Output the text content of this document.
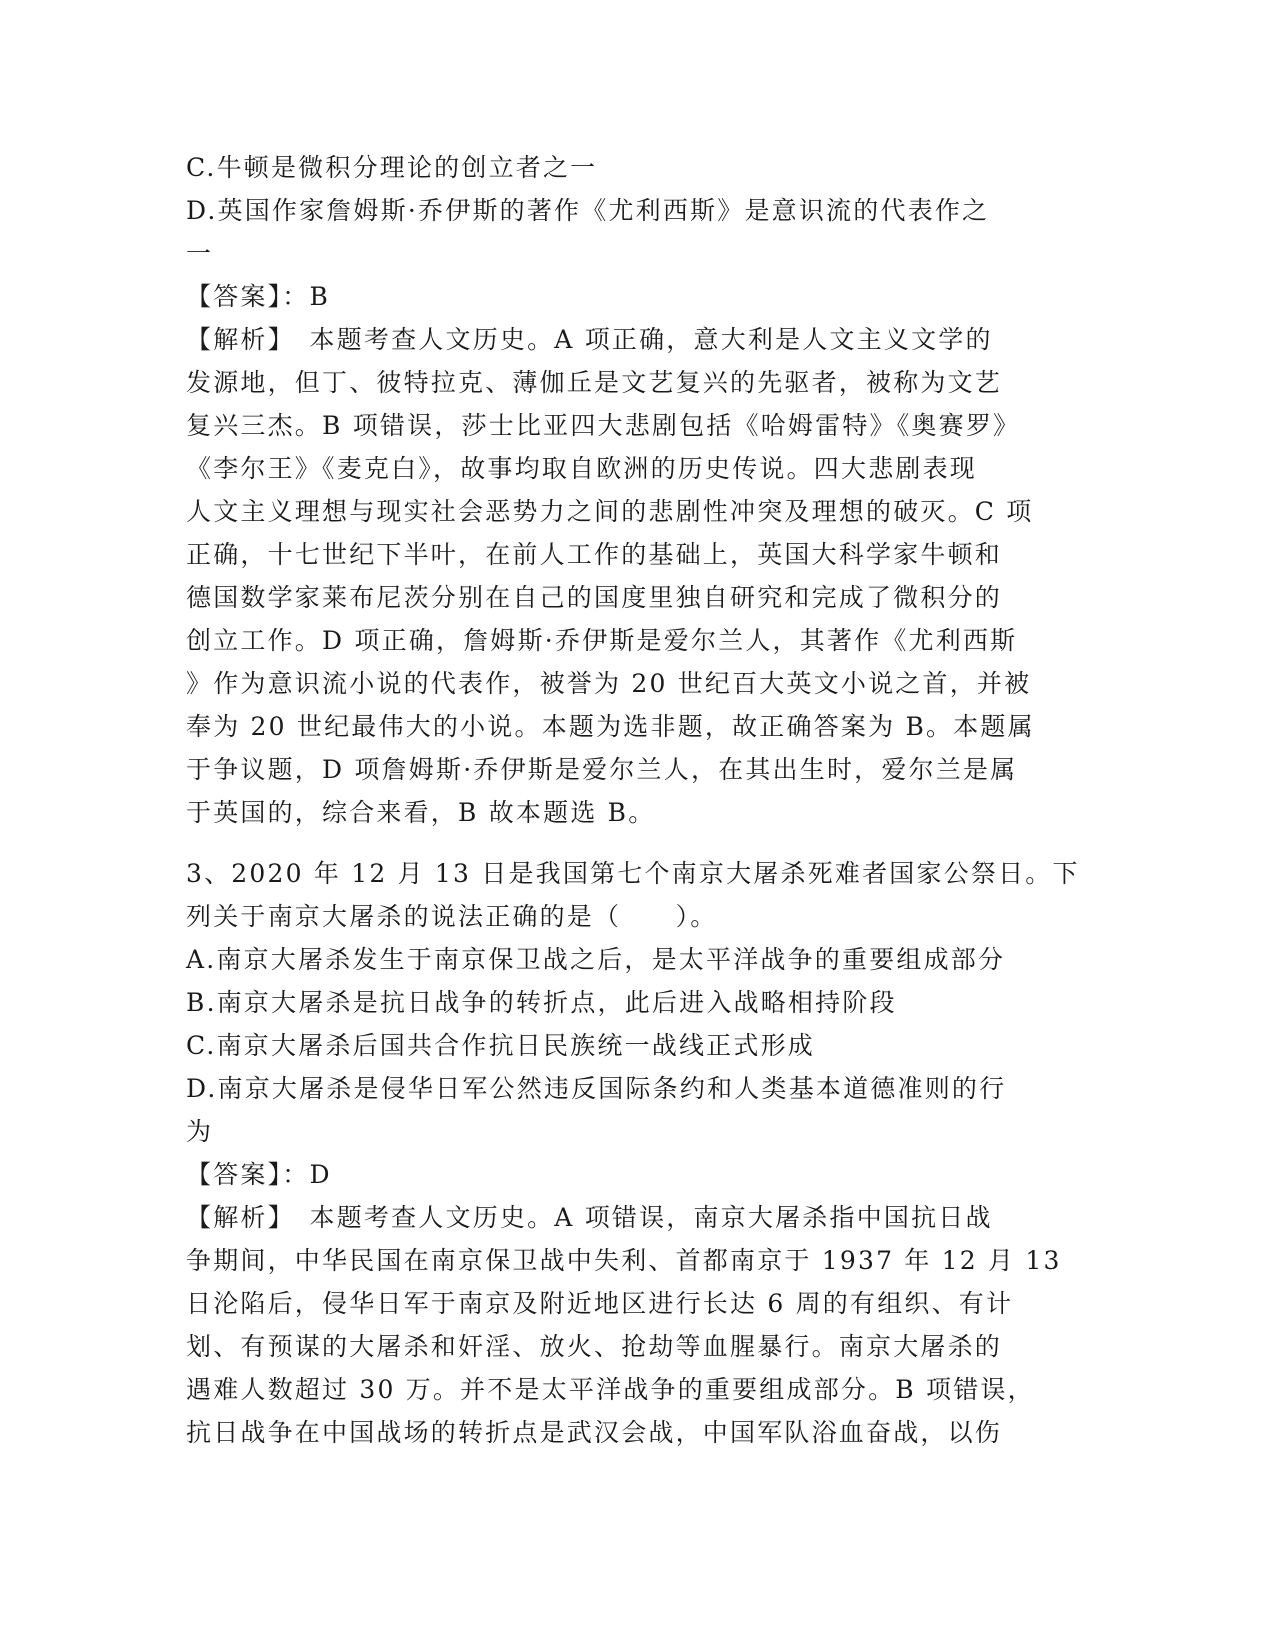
C.牛顿是微积分理论的创立者之一
D.英国作家詹姆斯·乔伊斯的著作《尤利西斯》是意识流的代表作之
一
【答案】：B
【解析】　本题考查人文历史。A 项正确，意大利是人文主义文学的
发源地，但丁、彼特拉克、薄伽丘是文艺复兴的先驱者，被称为文艺
复兴三杰。B 项错误，莎士比亚四大悲剧包括《哈姆雷特》《奥赛罗》
《李尔王》《麦克白》，故事均取自欧洲的历史传说。四大悲剧表现
人文主义理想与现实社会恶势力之间的悲剧性冲突及理想的破灭。C 项
正确，十七世纪下半叶，在前人工作的基础上，英国大科学家牛顿和
德国数学家莱布尼茨分别在自己的国度里独自研究和完成了微积分的
创立工作。D 项正确，詹姆斯·乔伊斯是爱尔兰人，其著作《尤利西斯
》作为意识流小说的代表作，被誉为 20 世纪百大英文小说之首，并被
奉为 20 世纪最伟大的小说。本题为选非题，故正确答案为 B。本题属
于争议题，D 项詹姆斯·乔伊斯是爱尔兰人，在其出生时，爱尔兰是属
于英国的，综合来看，B 故本题选 B。
3、2020 年 12 月 13 日是我国第七个南京大屠杀死难者国家公祭日。下
列关于南京大屠杀的说法正确的是（　　）。
A.南京大屠杀发生于南京保卫战之后，是太平洋战争的重要组成部分
B.南京大屠杀是抗日战争的转折点，此后进入战略相持阶段
C.南京大屠杀后国共合作抗日民族统一战线正式形成
D.南京大屠杀是侵华日军公然违反国际条约和人类基本道德准则的行
为
【答案】：D
【解析】　本题考查人文历史。A 项错误，南京大屠杀指中国抗日战
争期间，中华民国在南京保卫战中失利、首都南京于 1937 年 12 月 13
日沦陷后，侵华日军于南京及附近地区进行长达 6 周的有组织、有计
划、有预谋的大屠杀和奸淫、放火、抢劫等血腥暴行。南京大屠杀的
遇难人数超过 30 万。并不是太平洋战争的重要组成部分。B 项错误，
抗日战争在中国战场的转折点是武汉会战，中国军队浴血奋战，以伤
